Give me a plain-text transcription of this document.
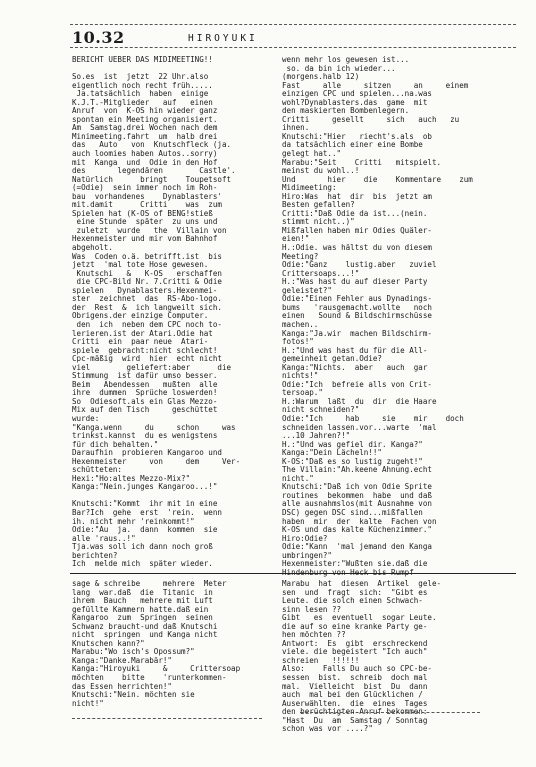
10.32	HIROYUKI
BERICHT UEBER DAS MIDIMEETING!!

So.es  ist  jetzt  22 Uhr.also
eigentlich noch recht früh.....
Ja.tatsächlich  haben  einige
K.J.T.-Mitglieder   auf   einen
Anruf  von  K-OS hin wieder ganz
spontan ein Meeting organisiert.
Am  Samstag.drei Wochen nach dem
Minimeeting.fahrt  um  halb drei
das   Auto   von  Knutschfleck (ja.
auch loomies haben Autos..sorry)
mit  Kanga  und  Odie in den Hof
des       legendären        Castle'.
Natürlich      bringt    Toupetsoft
(=Odie)  sein immer noch im Roh-
bau  vorhandenes    Dynablasters'
mit.damit      Critti    was  zum
Spielen hat (K-OS of BENG!stieß
eine Stunde  später  zu uns und
zuletzt  wurde   the  Villain von
Hexenmeister und mir vom Bahnhof
abgeholt.
Was  Coden o.ä. betrifft.ist  bis
jetzt  'mal tote Hose gewesen.
Knutschi   &   K-OS   erschaffen
die CPC-Bild Nr. 7.Critti & Odie
spielen   Dynablasters.Hexenmei-
ster  zeichnet  das  RS-Abo-logo.
der  Rest  &  ich langweilt sich.
Obrigens.der einzige Computer.
den  ich  neben dem CPC noch to-
lerieren.ist der Atari.Odie hat
Critti  ein  paar neue  Atari-
spiele  gebracht:nicht schlecht!
Cpc-mäßig  wird  hier  echt nicht
viel        geliefert:aber      die
Stimmung  ist dafür umso besser.
Beim   Abendessen   mußten  alle
ihre  dummen  Sprüche loswerden!
So  Odiesoft.als ein Glas Mezzo-
Mix auf den Tisch     geschüttet
wurde:
"Kanga.wenn     du     schon     was
trinkst.kannst  du es wenigstens
für dich behalten."
Daraufhin  probieren Kangaroo und
Hexenmeister     von     dem     Ver-
schütteten:
Hexi:"Ho:altes Mezzo-Mix?"
Kanga:"Nein.junges Kangaroo...!"

Knutschi:"Kommt  ihr mit in eine
Bar?Ich  gehe  erst  'rein.  wenn
ih. nicht mehr 'reinkommt!"
Odie:"Au  ja.  dann  kommen  sie
alle 'raus..!"
Tja.was soll ich dann noch groß
berichten?
Ich  melde mich  später wieder.
wenn mehr los gewesen ist...
so. da bin ich wieder...
(morgens.halb 12)
Fast     alle     sitzen     an     einem
einzigen CPC und spielen...na.was
wohl?Dynablasters.das  game  mit
den maskierten Bombenlegern.
Critti     gesellt     sich   auch   zu
ihnen.
Knutschi:"Hier   riecht's.als  ob
da tatsächlich einer eine Bombe
gelegt hat.."
Marabu:"Seit    Critti   mitspielt.
meinst du wohl..!
Und       hier    die    Kommentare    zum
Midimeeting:
Hiro:Was  hat  dir  bis  jetzt am
Besten gefallen?
Critti:"Daß Odie da ist...(nein.
stimmt nicht..)"
Mißfallen haben mir Odies Quäler-
eien!"
H.:Odie. was hältst du von diesem
Meeting?
Odie:"Ganz    lustig.aber   zuviel
Crittersoaps...!"
H.:"Was hast du auf dieser Party
geleistet?"
Odie:"Einen Fehler aus Dynadings-
bums   'rausgemacht.wollte   noch
einen   Sound & Bildschirmschüsse
machen..
Kanga:"Ja.wir  machen Bildschirm-
fotos!"
H.:"Und was hast du für die All-
gemeinheit getan.Odie?
Kanga:"Nichts.  aber   auch  gar
nichts!"
Odie:"Ich  befreie alls von Crit-
tersoap."
H.:Warum  laßt  du  dir  die Haare
nicht schneiden?"
Odie:"Ich     hab     sie    mir    doch
schneiden lassen.vor...warte  'mal
...10 Jahren?!"
H.:"Und was gefiel dir. Kanga?"
Kanga:"Dein Lächeln!!"
K-OS:"Daß es so lustig zugeht!"
The Villain:"Ah.keene Ahnung.echt
nicht."
Knutschi:"Daß ich von Odie Sprite
routines  bekommen  habe  und daß
alle ausnahmslos(mit Ausnahme von
DSC) gegen DSC sind...mißfallen
haben  mir  der  kalte  Fachen von
K-OS und das kalte Küchenzimmer."
Hiro:Odie?
Odie:"Kann  'mal jemand den Kanga
umbringen?"
Hexenmeister:"Wußten sie.daß die
Hindenburg von Heck bis Rumpf
sage & schreibe     mehrere  Meter
lang  war.daß  die  Titanic  in
ihrem  Bauch   mehrere mit Luft
gefüllte Kammern hatte.daß ein
Kangaroo  zum  Springen  seinen
Schwanz braucht-und daß Knutschi
nicht  springen  und Kanga nicht
Knutschen kann?"
Marabu:"Wo isch's Opossum?"
Kanga:"Danke.Marabär!"
Kanga:"Hiroyuki     &     Crittersoap
möchten    bitte    'runterkommen-
das Essen herrichten!"
Knutschi:"Nein. möchten sie
nicht!"
Marabu  hat  diesen  Artikel  gele-
sen  und  fragt  sich:  "Gibt es
Leute. die solch einen Schwach-
sinn lesen ??
Gibt   es  eventuell  sogar Leute.
die auf so eine kranke Party ge-
hen möchten ??
Antwort:  Es  gibt  erschreckend
viele. die begeistert "Ich auch"
schreien   !!!!!!
Also:    Falls Du auch so CPC-be-
sessen  bist.  schreib  doch mal
mal.  Vielleicht  bist  Du  dann
auch  mal bei den Glücklichen /
Auserwählten.  die  eines  Tages
den berüchtigten Anruf bekommen:
"Hast  Du  am  Samstag / Sonntag
schon was vor ....?"
